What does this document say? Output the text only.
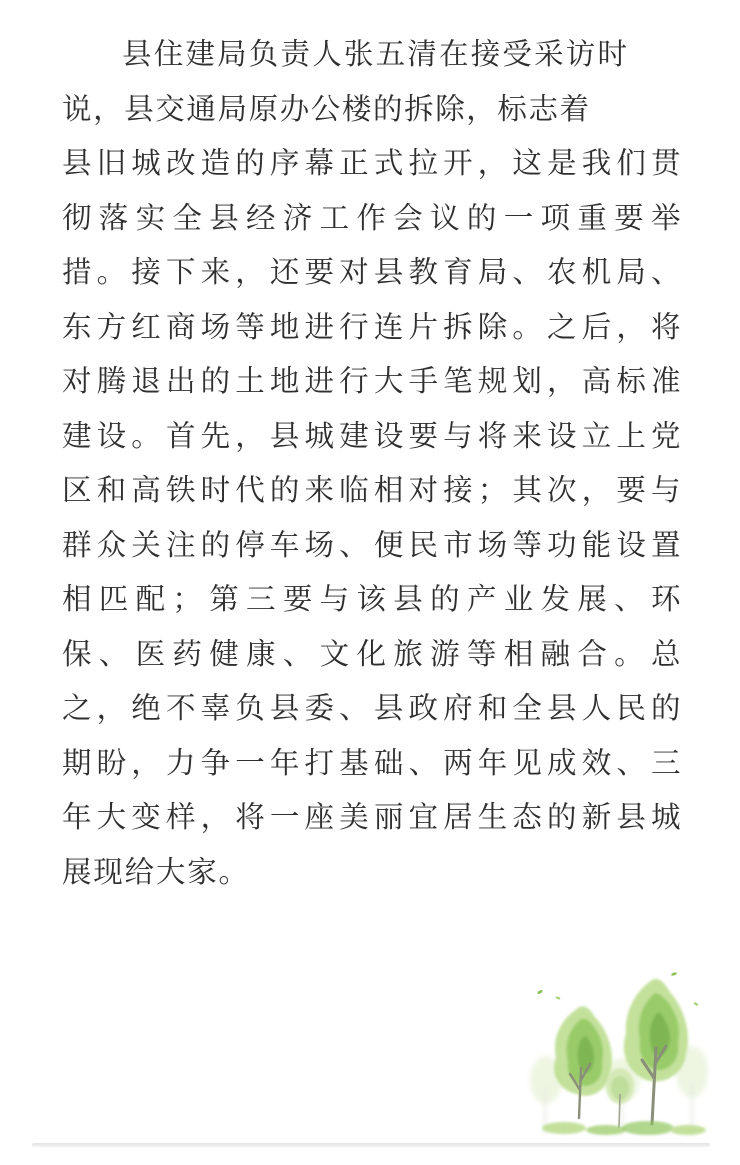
县住建局负责人张五清在接受采访时
说，县交通局原办公楼的拆除，标志着
县旧城改造的序幕正式拉开，这是我们贯
彻落实全县经济工作会议的一项重要举
措。接下来，还要对县教育局、农机局、
东方红商场等地进行连片拆除。之后，将
对腾退出的土地进行大手笔规划，高标准
建设。首先，县城建设要与将来设立上党
区和高铁时代的来临相对接；其次，要与
群众关注的停车场、便民市场等功能设置
相匹配；第三要与该县的产业发展、环
保、医药健康、文化旅游等相融合。总
之，绝不辜负县委、县政府和全县人民的
期盼，力争一年打基础、两年见成效、三
年大变样，将一座美丽宜居生态的新县城
展现给大家。
